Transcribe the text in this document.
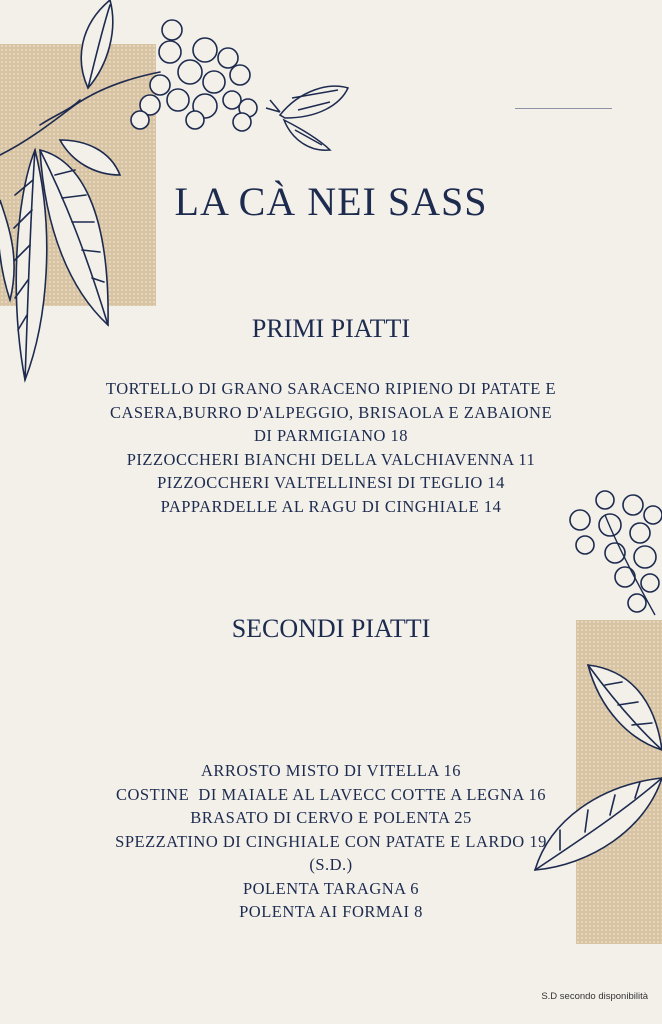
LA CÀ NEI SASS
PRIMI PIATTI
TORTELLO DI GRANO SARACENO RIPIENO DI PATATE E CASERA,BURRO D'ALPEGGIO, BRISAOLA E ZABAIONE DI PARMIGIANO 18
PIZZOCCHERI BIANCHI DELLA VALCHIAVENNA 11
PIZZOCCHERI VALTELLINESI DI TEGLIO 14
PAPPARDELLE AL RAGU DI CINGHIALE 14
SECONDI PIATTI
ARROSTO MISTO DI VITELLA 16
COSTINE  DI MAIALE AL LAVECC COTTE A LEGNA 16
BRASATO DI CERVO E POLENTA 25
SPEZZATINO DI CINGHIALE CON PATATE E LARDO 19 (S.D.)
POLENTA TARAGNA 6
POLENTA AI FORMAI 8
S.D secondo disponibilità
